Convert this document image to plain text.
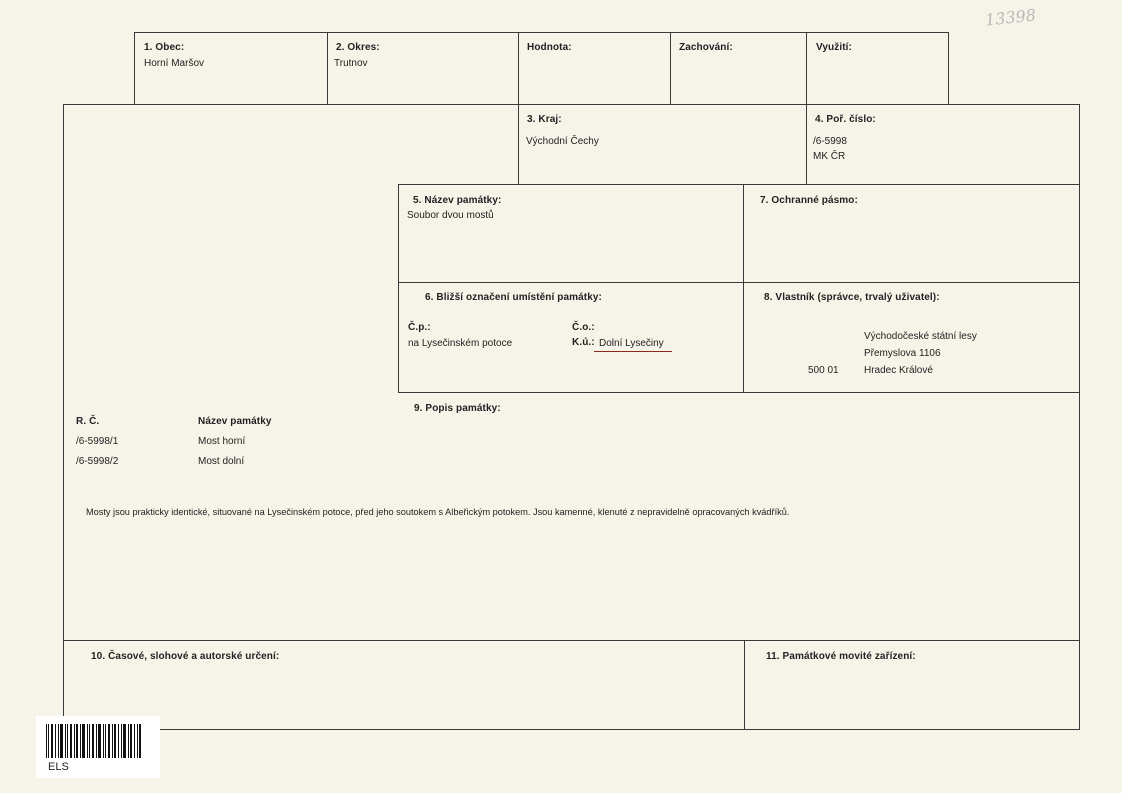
13398
1. Obec:
Horní Maršov
2. Okres:
Trutnov
Hodnota:	Zachování:	Využití:
3. Kraj:
Východní Čechy
4. Poř. číslo:
/6-5998
MK ČR
5. Název památky:
Soubor dvou mostů
7. Ochranné pásmo:
6. Bližší označení umístění památky:
Č.p.:
na Lysečinském potoce
Č.o.:
K.ú.: Dolní Lysečiny
8. Vlastník (správce, trvalý uživatel):
Východočeské státní lesy
Přemyslova 1106
500 01	Hradec Králové
9. Popis památky:
R. Č.	Název památky
/6-5998/1	Most horní
/6-5998/2	Most dolní
Mosty jsou prakticky identické, situované na Lysečinském potoce, před jeho soutokem s Albeřickým potokem. Jsou kamenné, klenuté z nepravidelně opracovaných kvádříků.
10. Časové, slohové a autorské určení:	11. Památkové movité zařízení:
ELS
